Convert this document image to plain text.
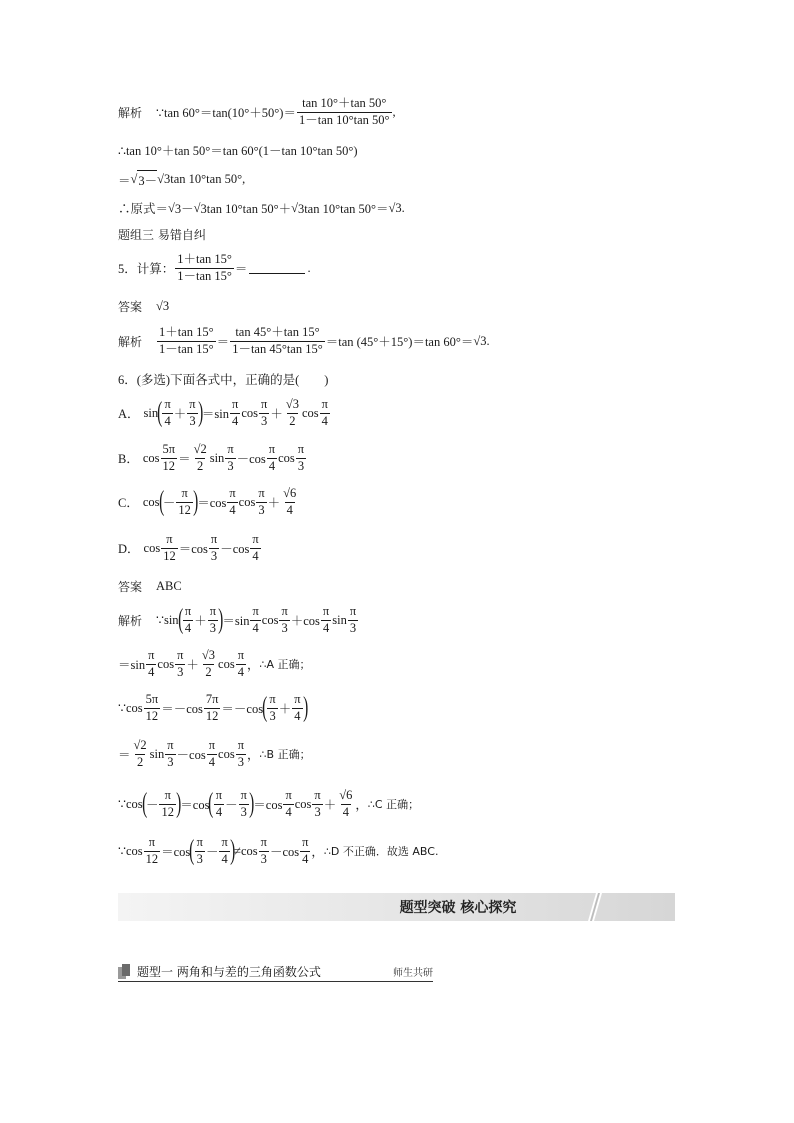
解析 ∵tan $60^\circ=\tan(10^\circ+50^\circ)= \frac{\tan 10^\circ+\tan 50^\circ}{1-\tan 10^\circ\tan 50^\circ}$ ,
∴tan 10°＋tan 50°＝tan 60°(1－tan 10°tan 50°)
＝ √ 3－ √ 3tan 10°tan 50°,
∴原式＝ √ 3－ √ 3tan 10°tan 50°＋ √ 3tan 10°tan 50°＝ √ 3 .
题组三 易错自纠
5．计算： $\frac{1+\tan 15^\circ}{1-\tan 15^\circ}$ ＝	.
答案 √ 3
解析 $\frac{1+\tan 15^\circ}{1-\tan 15^\circ} = \frac{\tan 45^\circ+\tan 15^\circ}{1-\tan 45^\circ\tan 15^\circ} =\tan$ (45°＋15°)＝tan 60°＝ √ 3 .
6．(多选)下面各式中，正确的是(　　)
A． sin ( $\frac{\pi}{4} + \frac{\pi}{3}$ ) $=\sin \frac{\pi}{4}$ $\cos \frac{\pi}{3} + \frac{√3}{2}$ $\cos \frac{\pi}{4}$
B． $\cos \frac{5\pi}{12} = \frac{√2}{2}$ $\sin \frac{\pi}{3} -\cos \frac{\pi}{4}$ $\cos \frac{\pi}{3}$
C． cos ( － $\frac{\pi}{12}$ ) $=\cos \frac{\pi}{4}$ $\cos \frac{\pi}{3} + \frac{√6}{4}$
D． $\cos \frac{\pi}{12} =\cos \frac{\pi}{3} -\cos \frac{\pi}{4}$
答案 ABC
解析 ∵sin ( $\frac{\pi}{4} + \frac{\pi}{3}$ ) $=\sin \frac{\pi}{4}$ $\cos \frac{\pi}{3} +\cos \frac{\pi}{4}$ $\sin \frac{\pi}{3}$
$=\sin \frac{\pi}{4}$ $\cos \frac{\pi}{3} + \frac{√3}{2}$ $\cos \frac{\pi}{4}$ ， ∴A 正确；
∵cos $\frac{5\pi}{12} =-\cos \frac{7\pi}{12} =-\cos$ ( $\frac{\pi}{3} + \frac{\pi}{4}$ )
＝ $\frac{√2}{2}$ $\sin \frac{\pi}{3} -\cos \frac{\pi}{4}$ $\cos \frac{\pi}{3}$ ， ∴B 正确；
∵cos ( － $\frac{\pi}{12}$ ) ＝cos ( $\frac{\pi}{4} - \frac{\pi}{3}$ ) $=\cos \frac{\pi}{4}$ $\cos \frac{\pi}{3} + \frac{√6}{4}$ ， ∴C 正确；
∵cos $\frac{\pi}{12} =\cos$ ( $\frac{\pi}{3} - \frac{\pi}{4}$ ) $\ne\cos \frac{\pi}{3} -\cos \frac{\pi}{4}$ ， ∴D 不正确．故选 ABC.
题型突破 核心探究
题型一 两角和与差的三角函数公式	师生共研
